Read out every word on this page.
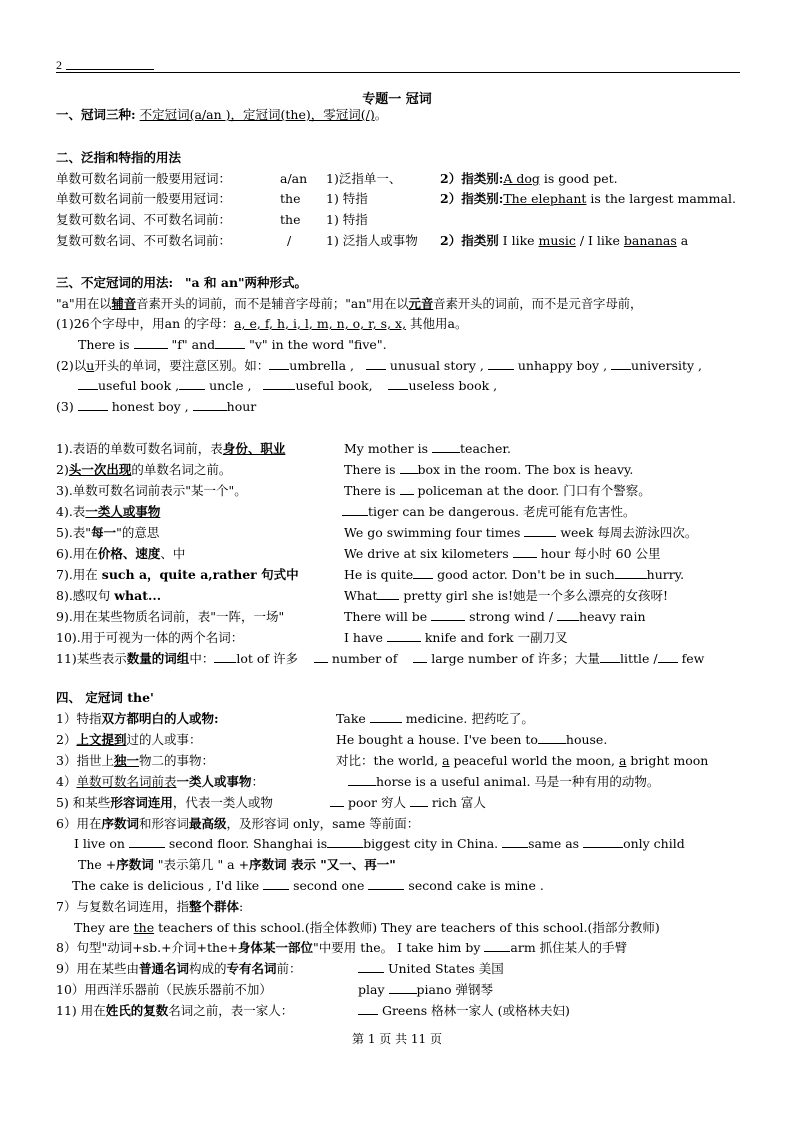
2
专题一 冠词
一、冠词三种: 不定冠词(a/an )，定冠词(the)，零冠词(/)。
二、泛指和特指的用法
单数可数名词前一般要用冠词：	a/an 1)泛指单一、	2）指类别:A dog is good pet.
单数可数名词前一般要用冠词：	the 1) 特指	2）指类别:The elephant is the largest mammal.
复数可数名词、不可数名词前：	the 1) 特指
复数可数名词、不可数名词前：	/	1) 泛指人或事物 2）指类别 I like music / I like bananas a
三、不定冠词的用法: "a 和 an"两种形式。
"a"用在以辅音音素开头的词前，而不是辅音字母前；"an"用在以元音音素开头的词前，而不是元音字母前，
(1)26个字母中，用an 的字母：a, e, f, h, i, l, m, n, o, r, s, x, 其他用a。
There is	"f" and	"v" in the word "five".
(2)以u开头的单词，要注意区别。如： umbrella ,	unusual story ,	unhappy boy , university ,
useful book , uncle ,	useful book,	useless book ,
(3)	honest boy ,	hour
1).表语的单数可数名词前，表身份、职业	My mother is teacher.
2)头一次出现的单数名词之前。	There is box in the room. The box is heavy.
3).单数可数名词前表示"某一个"。	There is  policeman at the door. 门口有个警察。
4).表一类人或事物	tiger can be dangerous. 老虎可能有危害性。
5).表"每一"的意思	We go swimming four times	week 每周去游泳四次。
6).用在价格、速度、中	We drive at six kilometers  hour 每小时 60 公里
7).用在 such a，quite a,rather 句式中	He is quite good actor. Don't be in such	hurry.
8).感叹句 what...	What pretty girl she is!她是一个多么漂亮的女孩呀!
9).用在某些物质名词前，表"一阵，一场"	There will be	strong wind / heavy rain
10).用于可视为一体的两个名词：	I have	knife and fork 一副刀叉
11)某些表示数量的词组中： lot of 许多	number of	large number of 许多；大量 little / few
四、 定冠词 the'
1）特指双方都明白的人或物:	Take	medicine. 把药吃了。
2）上文提到过的人或事：	He bought a house. I've been to house.
3）指世上独一物二的事物：	对比：the world, a peaceful world the moon, a bright moon
4）单数可数名词前表一类人或事物：	horse is a useful animal. 马是一种有用的动物。
5) 和某些形容词连用，代表一类人或物	poor 穷人  rich 富人
6）用在序数词和形容词最高级，及形容词 only，same 等前面：
I live on	second floor. Shanghai is	biggest city in China. same as	only child
The +序数词 "表示第几 " a +序数词 表示 "又一、再一"
The cake is delicious , I'd like  second one	second cake is mine .
7）与复数名词连用，指整个群体:
They are the teachers of this school.(指全体教师) They are teachers of this school.(指部分教师)
8）句型"动词+sb.+介词+the+身体某一部位"中要用 the。 I take him by arm 抓住某人的手臂
9）用在某些由普通名词构成的专有名词前：	United States 美国
10）用西洋乐器前（民族乐器前不加）	play piano 弹钢琴
11) 用在姓氏的复数名词之前，表一家人：	Greens 格林一家人 (或格林夫妇)
第 1 页 共 11 页
